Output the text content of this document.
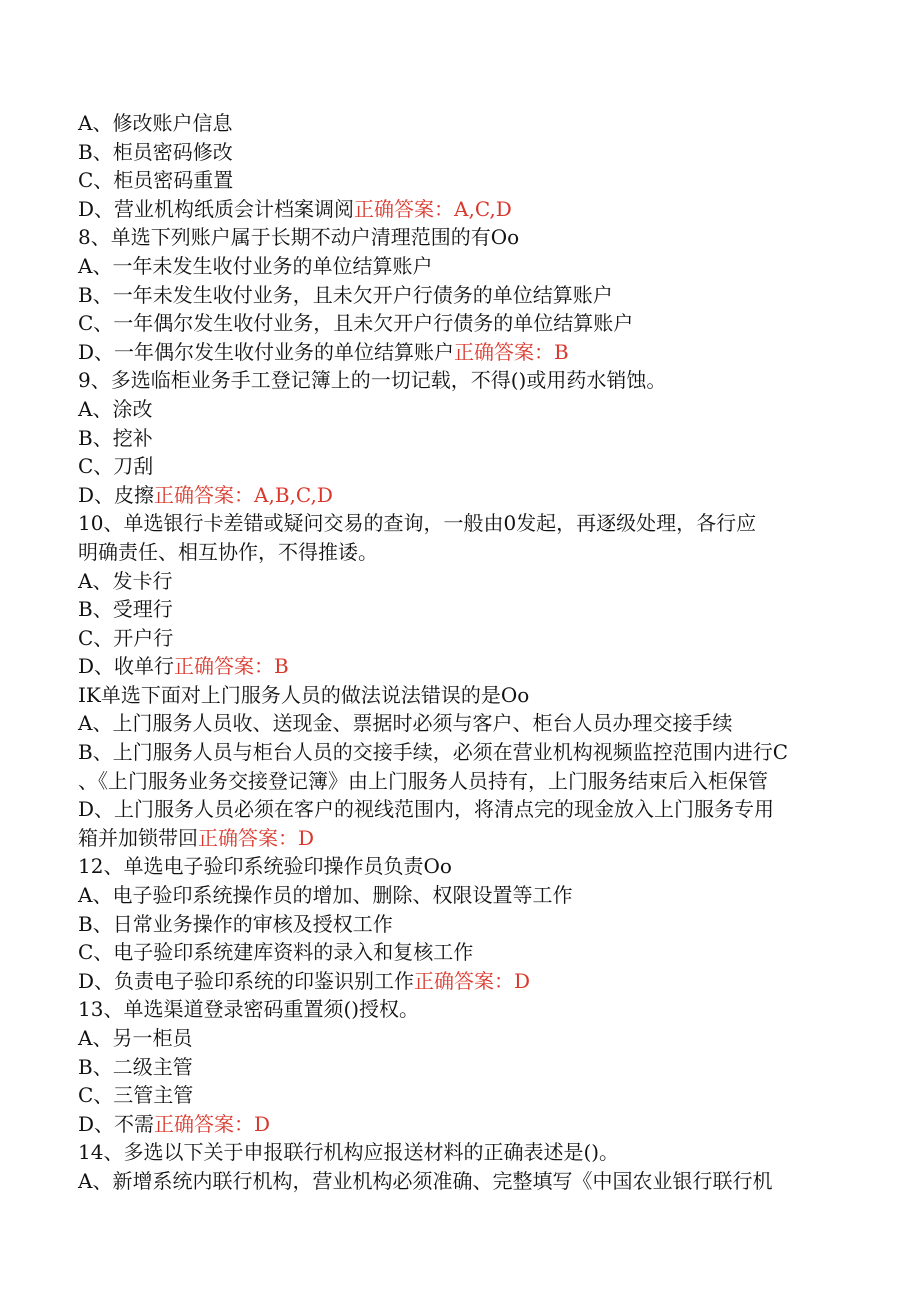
A、修改账户信息
B、柜员密码修改
C、柜员密码重置
D、营业机构纸质会计档案调阅正确答案：A,C,D
8、单选下列账户属于长期不动户清理范围的有Oo
A、一年未发生收付业务的单位结算账户
B、一年未发生收付业务，且未欠开户行债务的单位结算账户
C、一年偶尔发生收付业务，且未欠开户行债务的单位结算账户
D、一年偶尔发生收付业务的单位结算账户正确答案：B
9、多选临柜业务手工登记簿上的一切记载，不得()或用药水销蚀。
A、涂改
B、挖补
C、刀刮
D、皮擦正确答案：A,B,C,D
10、单选银行卡差错或疑问交易的查询，一般由0发起，再逐级处理，各行应
明确责任、相互协作，不得推诿。
A、发卡行
B、受理行
C、开户行
D、收单行正确答案：B
IK单选下面对上门服务人员的做法说法错误的是Oo
A、上门服务人员收、送现金、票据时必须与客户、柜台人员办理交接手续
B、上门服务人员与柜台人员的交接手续，必须在营业机构视频监控范围内进行C
、《上门服务业务交接登记簿》由上门服务人员持有，上门服务结束后入柜保管
D、上门服务人员必须在客户的视线范围内，将清点完的现金放入上门服务专用
箱并加锁带回正确答案：D
12、单选电子验印系统验印操作员负责Oo
A、电子验印系统操作员的增加、删除、权限设置等工作
B、日常业务操作的审核及授权工作
C、电子验印系统建库资料的录入和复核工作
D、负责电子验印系统的印鉴识别工作正确答案：D
13、单选渠道登录密码重置须()授权。
A、另一柜员
B、二级主管
C、三管主管
D、不需正确答案：D
14、多选以下关于申报联行机构应报送材料的正确表述是()。
A、新增系统内联行机构，营业机构必须准确、完整填写《中国农业银行联行机
